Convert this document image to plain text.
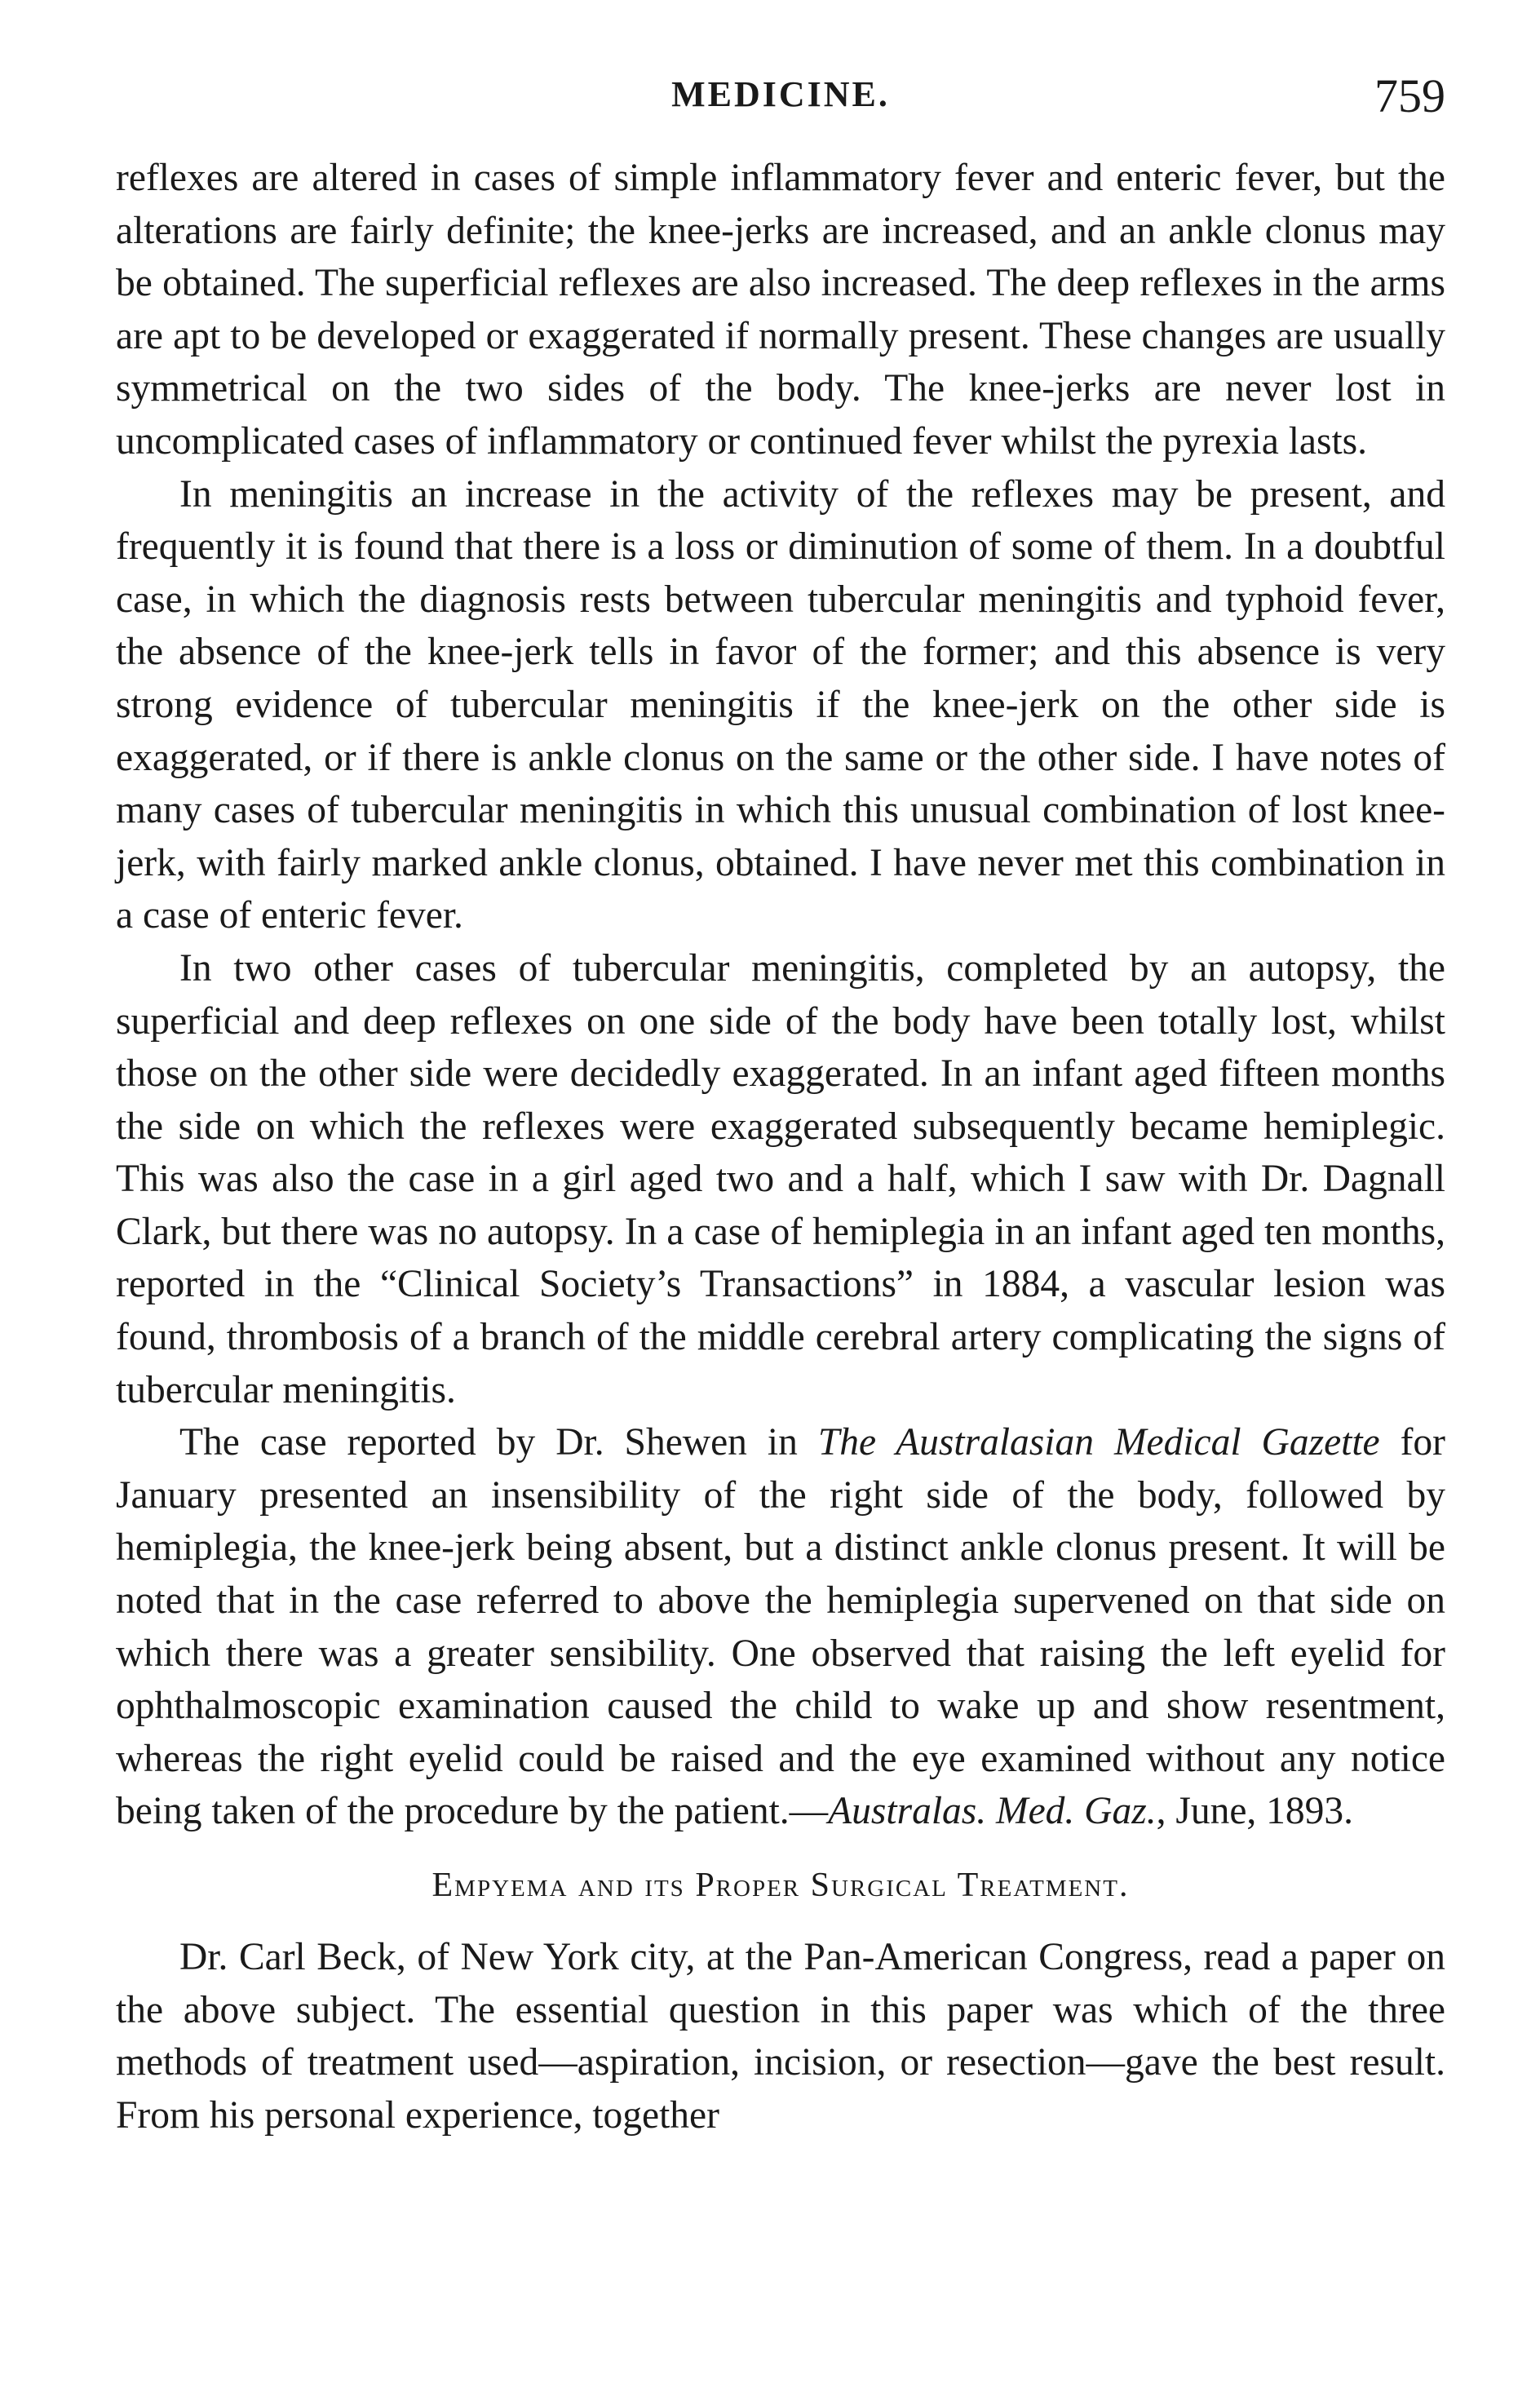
MEDICINE.	759

reflexes are altered in cases of simple inflammatory fever and enteric fever, but the alterations are fairly definite; the knee-jerks are increased, and an ankle clonus may be obtained. The superficial reflexes are also increased. The deep reflexes in the arms are apt to be developed or exaggerated if normally present. These changes are usually symmetrical on the two sides of the body. The knee-jerks are never lost in uncomplicated cases of inflammatory or continued fever whilst the pyrexia lasts.

In meningitis an increase in the activity of the reflexes may be present, and frequently it is found that there is a loss or diminution of some of them. In a doubtful case, in which the diagnosis rests between tubercular meningitis and typhoid fever, the absence of the knee-jerk tells in favor of the former; and this absence is very strong evidence of tubercular meningitis if the knee-jerk on the other side is exaggerated, or if there is ankle clonus on the same or the other side. I have notes of many cases of tubercular meningitis in which this unusual combination of lost knee-jerk, with fairly marked ankle clonus, obtained. I have never met this combination in a case of enteric fever.

In two other cases of tubercular meningitis, completed by an autopsy, the superficial and deep reflexes on one side of the body have been totally lost, whilst those on the other side were decidedly exaggerated. In an infant aged fifteen months the side on which the reflexes were exaggerated subsequently became hemiplegic. This was also the case in a girl aged two and a half, which I saw with Dr. Dagnall Clark, but there was no autopsy. In a case of hemiplegia in an infant aged ten months, reported in the “Clinical Society’s Transactions” in 1884, a vascular lesion was found, thrombosis of a branch of the middle cerebral artery complicating the signs of tubercular meningitis.

The case reported by Dr. Shewen in The Australasian Medical Gazette for January presented an insensibility of the right side of the body, followed by hemiplegia, the knee-jerk being absent, but a distinct ankle clonus present. It will be noted that in the case referred to above the hemiplegia supervened on that side on which there was a greater sensibility. One observed that raising the left eyelid for ophthalmoscopic examination caused the child to wake up and show resentment, whereas the right eyelid could be raised and the eye examined without any notice being taken of the procedure by the patient.—Australas. Med. Gaz., June, 1893.

Empyema and its Proper Surgical Treatment.

Dr. Carl Beck, of New York city, at the Pan-American Congress, read a paper on the above subject. The essential question in this paper was which of the three methods of treatment used—aspiration, incision, or resection—gave the best result. From his personal experience, together
